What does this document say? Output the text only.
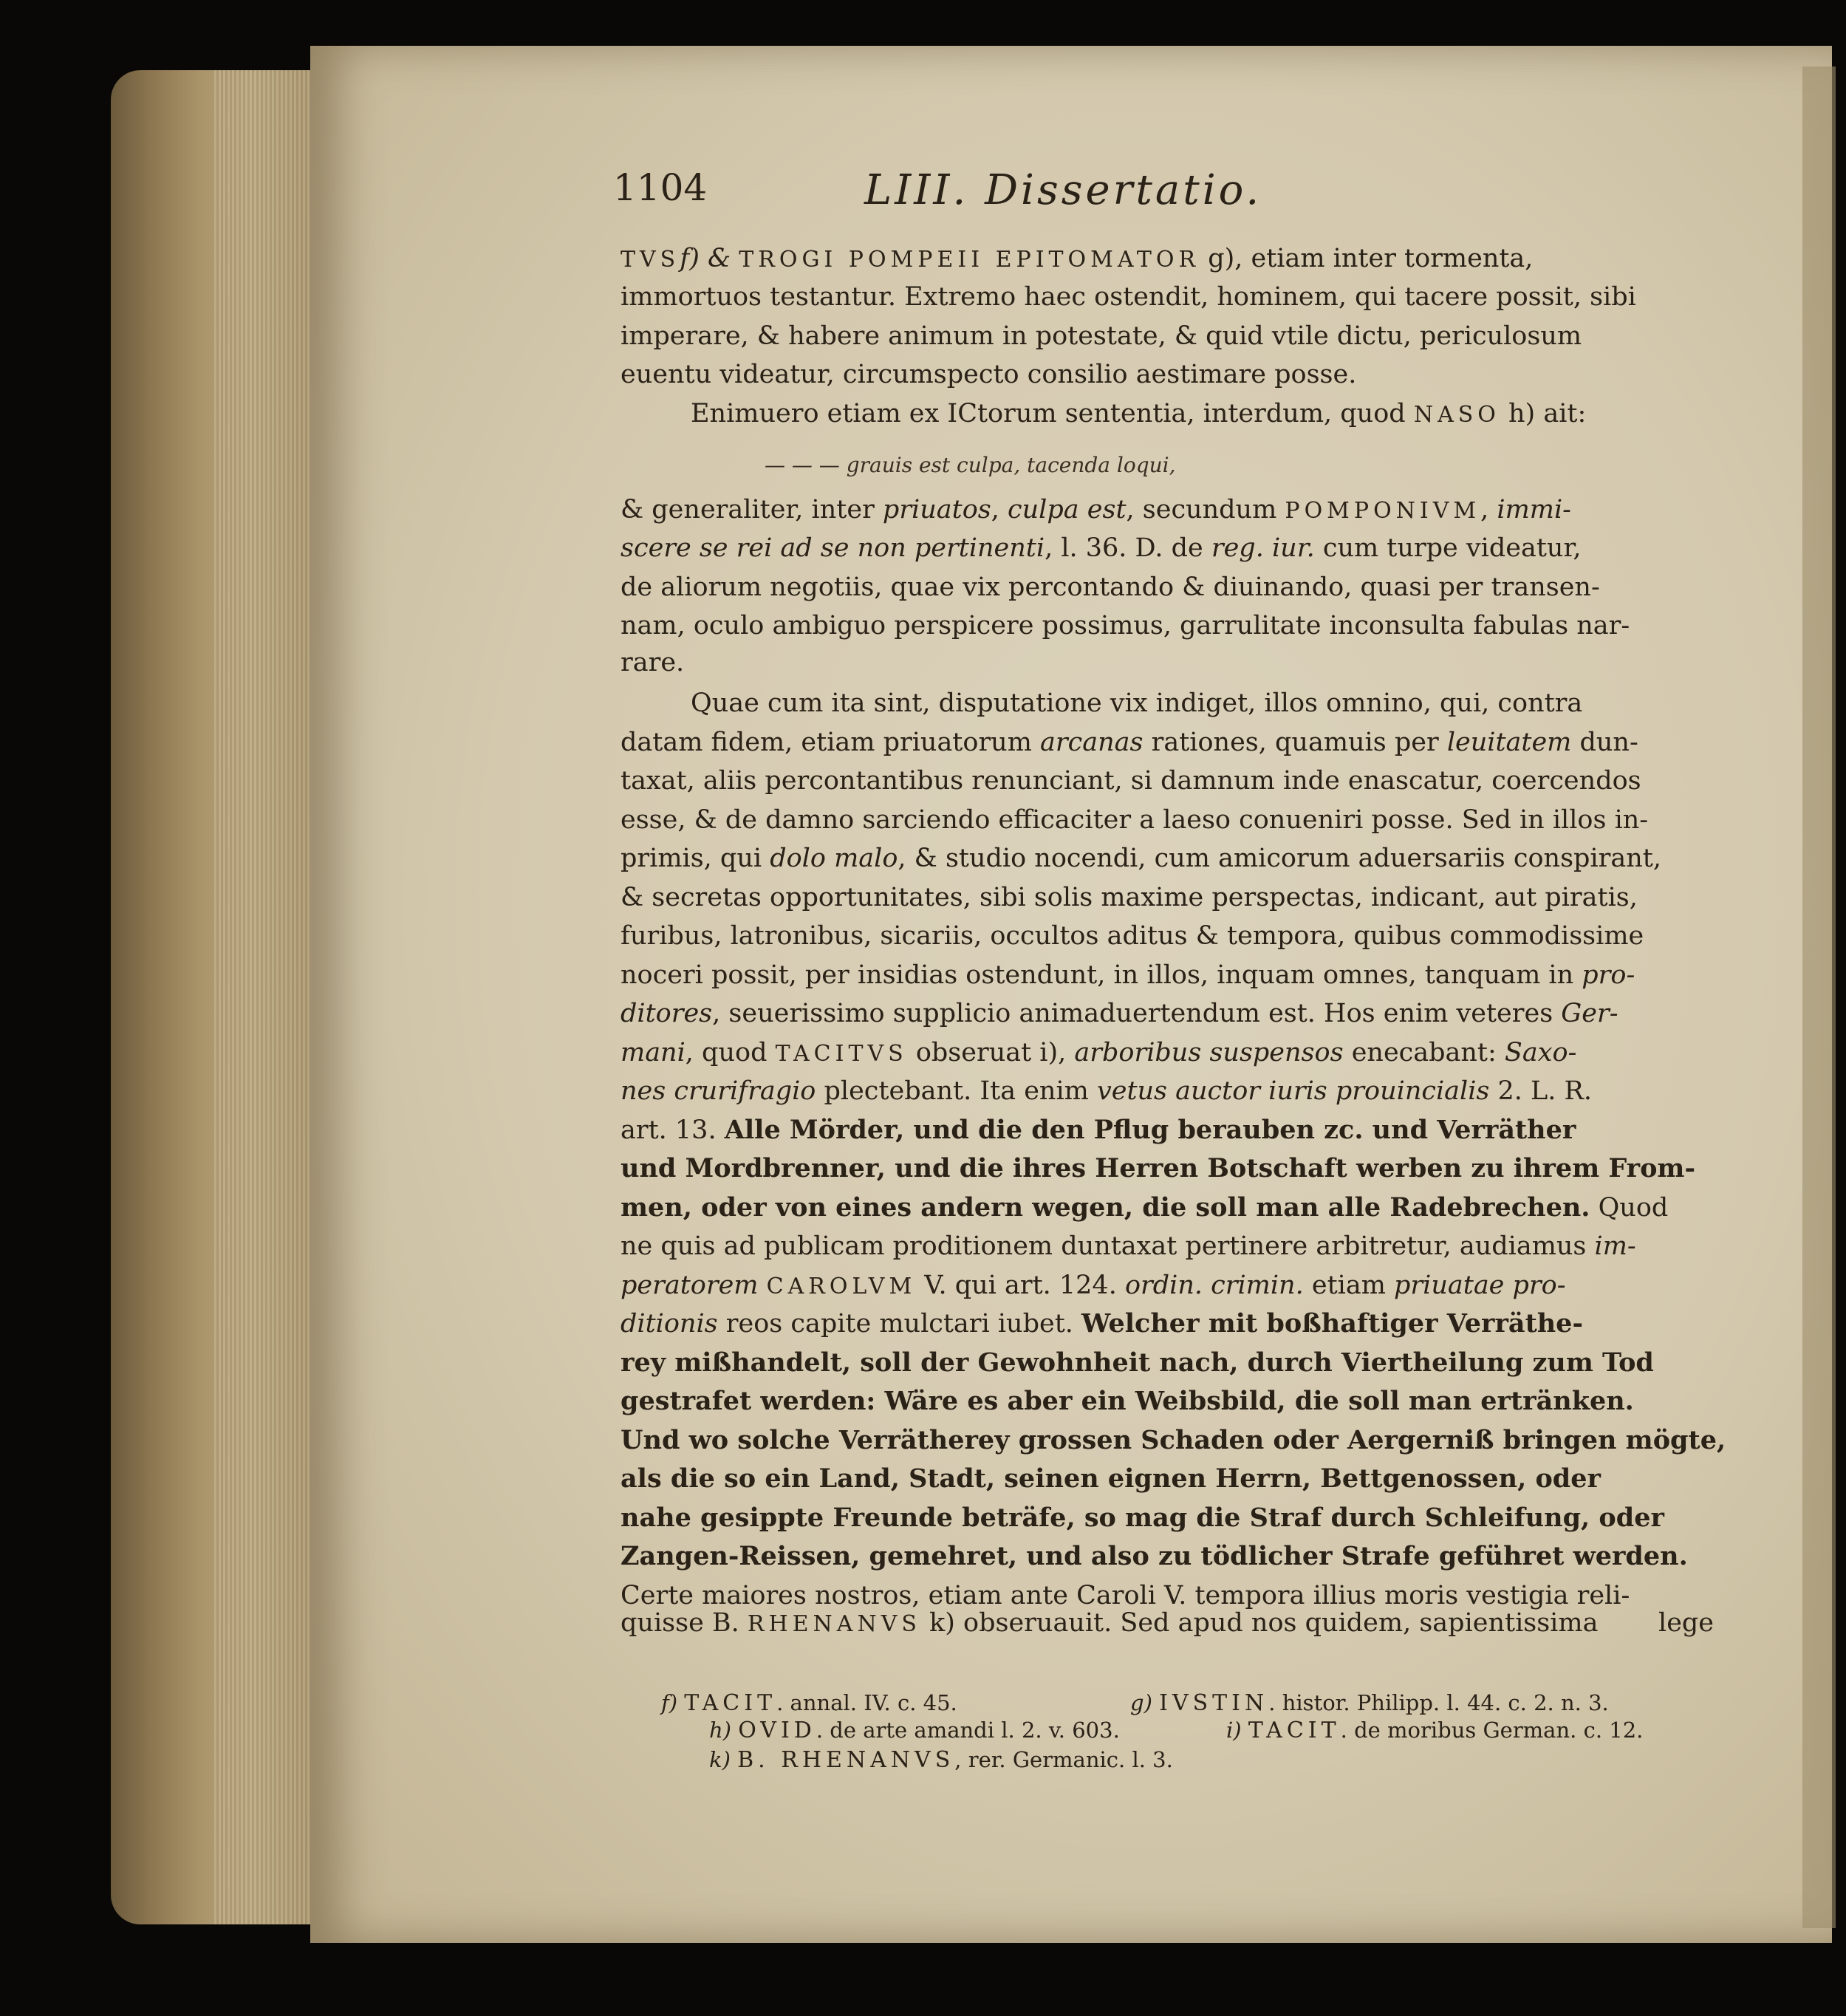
1104	LIII. Dissertatio.
TVSf) & TROGI POMPEII EPITOMATOR g), etiam inter tormenta,
immortuos testantur. Extremo haec ostendit, hominem, qui tacere possit, sibi
imperare, & habere animum in potestate, & quid vtile dictu, periculosum
euentu videatur, circumspecto consilio aestimare posse.
Enimuero etiam ex ICtorum sententia, interdum, quod NASO h) ait:
& generaliter, inter priuatos, culpa est, secundum POMPONIVM, immi-
scere se rei ad se non pertinenti, l. 36. D. de reg. iur. cum turpe videatur,
de aliorum negotiis, quae vix percontando & diuinando, quasi per transen-
nam, oculo ambiguo perspicere possimus, garrulitate inconsulta fabulas nar-
rare.
Quae cum ita sint, disputatione vix indiget, illos omnino, qui, contra
datam fidem, etiam priuatorum arcanas rationes, quamuis per leuitatem dun-
taxat, aliis percontantibus renunciant, si damnum inde enascatur, coercendos
esse, & de damno sarciendo efficaciter a laeso conueniri posse. Sed in illos in-
primis, qui dolo malo, & studio nocendi, cum amicorum aduersariis conspirant,
& secretas opportunitates, sibi solis maxime perspectas, indicant, aut piratis,
furibus, latronibus, sicariis, occultos aditus & tempora, quibus commodissime
noceri possit, per insidias ostendunt, in illos, inquam omnes, tanquam in pro-
ditores, seuerissimo supplicio animaduertendum est. Hos enim veteres Ger-
mani, quod TACITVS obseruat i), arboribus suspensos enecabant: Saxo-
nes crurifragio plectebant. Ita enim vetus auctor iuris prouincialis 2. L. R.
art. 13. Alle Mörder, und die den Pflug berauben zc. und Verräther
und Mordbrenner, und die ihres Herren Botschaft werben zu ihrem From-
men, oder von eines andern wegen, die soll man alle Radebrechen. Quod
ne quis ad publicam proditionem duntaxat pertinere arbitretur, audiamus im-
peratorem CAROLVM V. qui art. 124. ordin. crimin. etiam priuatae pro-
ditionis reos capite mulctari iubet. Welcher mit boßhaftiger Verräthe-
rey mißhandelt, soll der Gewohnheit nach, durch Viertheilung zum Tod
gestrafet werden: Wäre es aber ein Weibsbild, die soll man ertränken.
Und wo solche Verrätherey grossen Schaden oder Aergerniß bringen mögte,
als die so ein Land, Stadt, seinen eignen Herrn, Bettgenossen, oder
nahe gesippte Freunde beträfe, so mag die Straf durch Schleifung, oder
Zangen-Reissen, gemehret, und also zu tödlicher Strafe geführet werden.
Certe maiores nostros, etiam ante Caroli V. tempora illius moris vestigia reli-
quisse B. RHENANVS k) obseruauit. Sed apud nos quidem, sapientissima
— — — grauis est culpa, tacenda loqui,
lege
f) TACIT. annal. IV. c. 45.	g) IVSTIN. histor. Philipp. l. 44. c. 2. n. 3.
h) OVID. de arte amandi l. 2. v. 603.	i) TACIT. de moribus German. c. 12.
k) B. RHENANVS, rer. Germanic. l. 3.
